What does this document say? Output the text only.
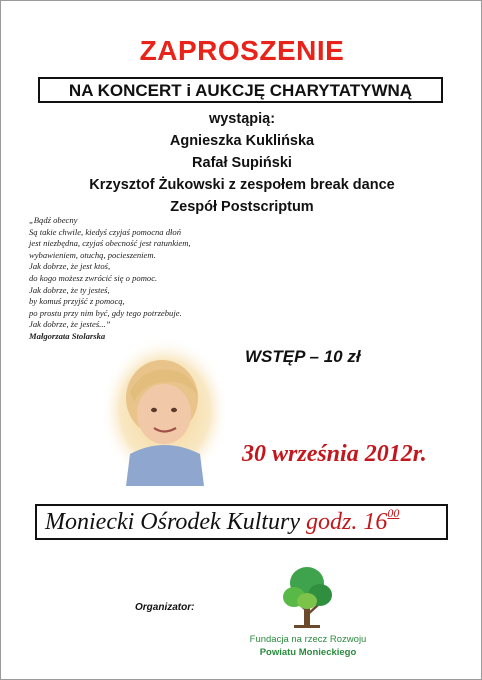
ZAPROSZENIE
NA KONCERT i AUKCJĘ CHARYTATYWNĄ
wystąpią:
Agnieszka Kuklińska
Rafał Supiński
Krzysztof Żukowski z zespołem break dance
Zespół Postscriptum
„Bądź obecny
Są takie chwile, kiedyś czyjaś pomocna dłoń
jest niezbędna, czyjaś obecność jest ratunkiem,
wybawieniem, otuchą, pocieszeniem.
Jak dobrze, że jest ktoś,
do kogo możesz zwrócić się o pomoc.
Jak dobrze, że ty jesteś,
by komuś przyjść z pomocą,
po prostu przy nim być, gdy tego potrzebuje.
Jak dobrze, że jesteś...”
Małgorzata Stolarska
WSTĘP – 10 zł
30 września 2012r.
Moniecki Ośrodek Kultury godz. $16^{00}$
Organizator:
Fundacja na rzecz Rozwoju
Powiatu Monieckiego
